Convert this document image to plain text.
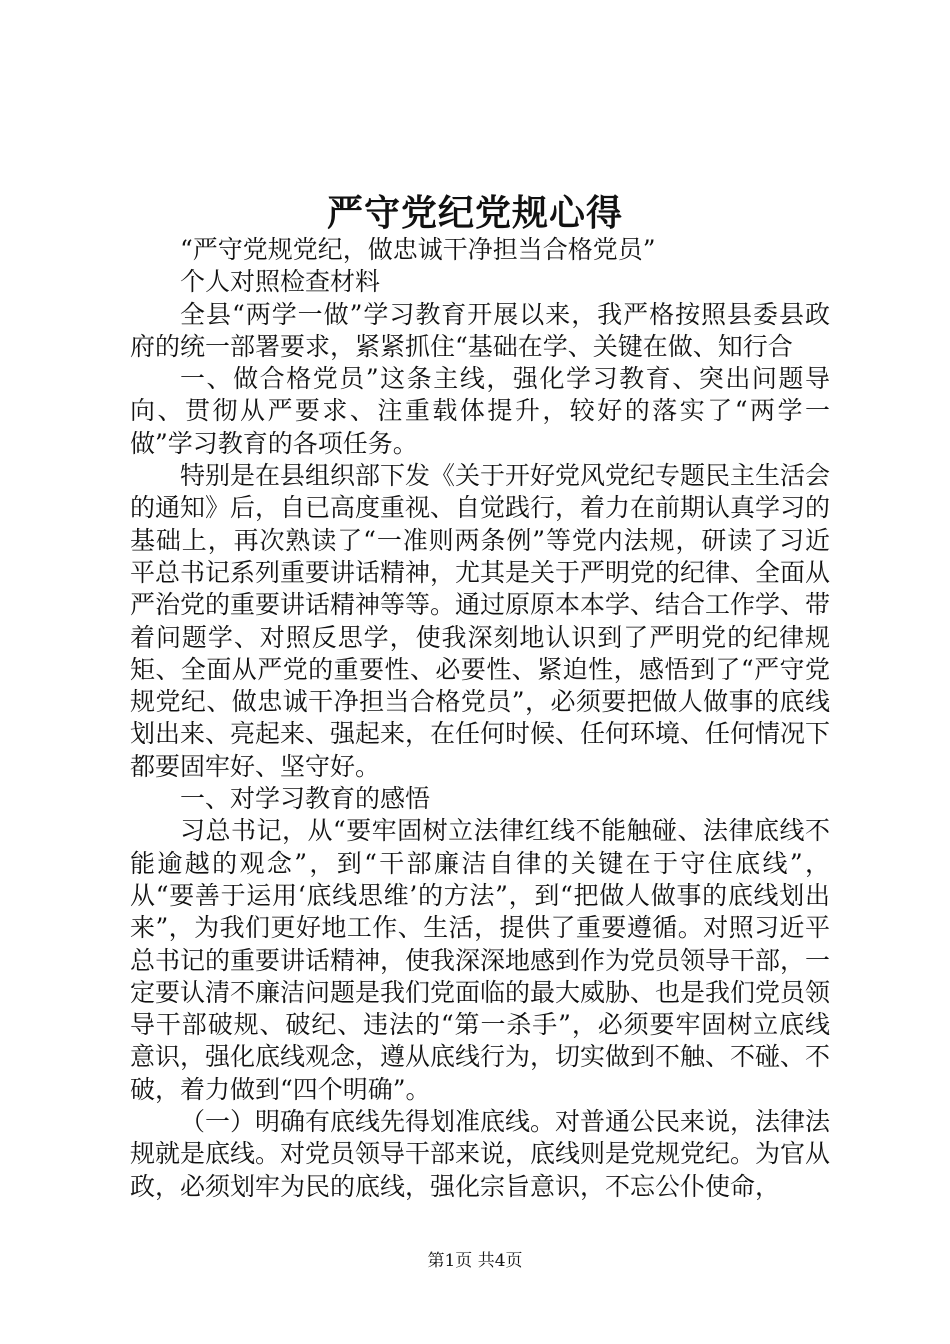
严守党纪党规心得

“严守党规党纪，做忠诚干净担当合格党员”

个人对照检查材料

全县“两学一做”学习教育开展以来，我严格按照县委县政府的统一部署要求，紧紧抓住“基础在学、关键在做、知行合

一、做合格党员”这条主线，强化学习教育、突出问题导向、贯彻从严要求、注重载体提升，较好的落实了“两学一做”学习教育的各项任务。

特别是在县组织部下发《关于开好党风党纪专题民主生活会的通知》后，自已高度重视、自觉践行，着力在前期认真学习的基础上，再次熟读了“一准则两条例”等党内法规，研读了习近平总书记系列重要讲话精神，尤其是关于严明党的纪律、全面从严治党的重要讲话精神等等。通过原原本本学、结合工作学、带着问题学、对照反思学，使我深刻地认识到了严明党的纪律规矩、全面从严党的重要性、必要性、紧迫性，感悟到了“严守党规党纪、做忠诚干净担当合格党员”，必须要把做人做事的底线划出来、亮起来、强起来，在任何时候、任何环境、任何情况下都要固牢好、坚守好。

一、对学习教育的感悟

习总书记，从“要牢固树立法律红线不能触碰、法律底线不能逾越的观念”，到“干部廉洁自律的关键在于守住底线”，从“要善于运用‘底线思维’的方法”，到“把做人做事的底线划出来”，为我们更好地工作、生活，提供了重要遵循。对照习近平总书记的重要讲话精神，使我深深地感到作为党员领导干部，一定要认清不廉洁问题是我们党面临的最大威胁、也是我们党员领导干部破规、破纪、违法的“第一杀手”，必须要牢固树立底线意识，强化底线观念，遵从底线行为，切实做到不触、不碰、不破，着力做到“四个明确”。

（一）明确有底线先得划准底线。对普通公民来说，法律法规就是底线。对党员领导干部来说，底线则是党规党纪。为官从政，必须划牢为民的底线，强化宗旨意识，不忘公仆使命，

第1页 共4页
